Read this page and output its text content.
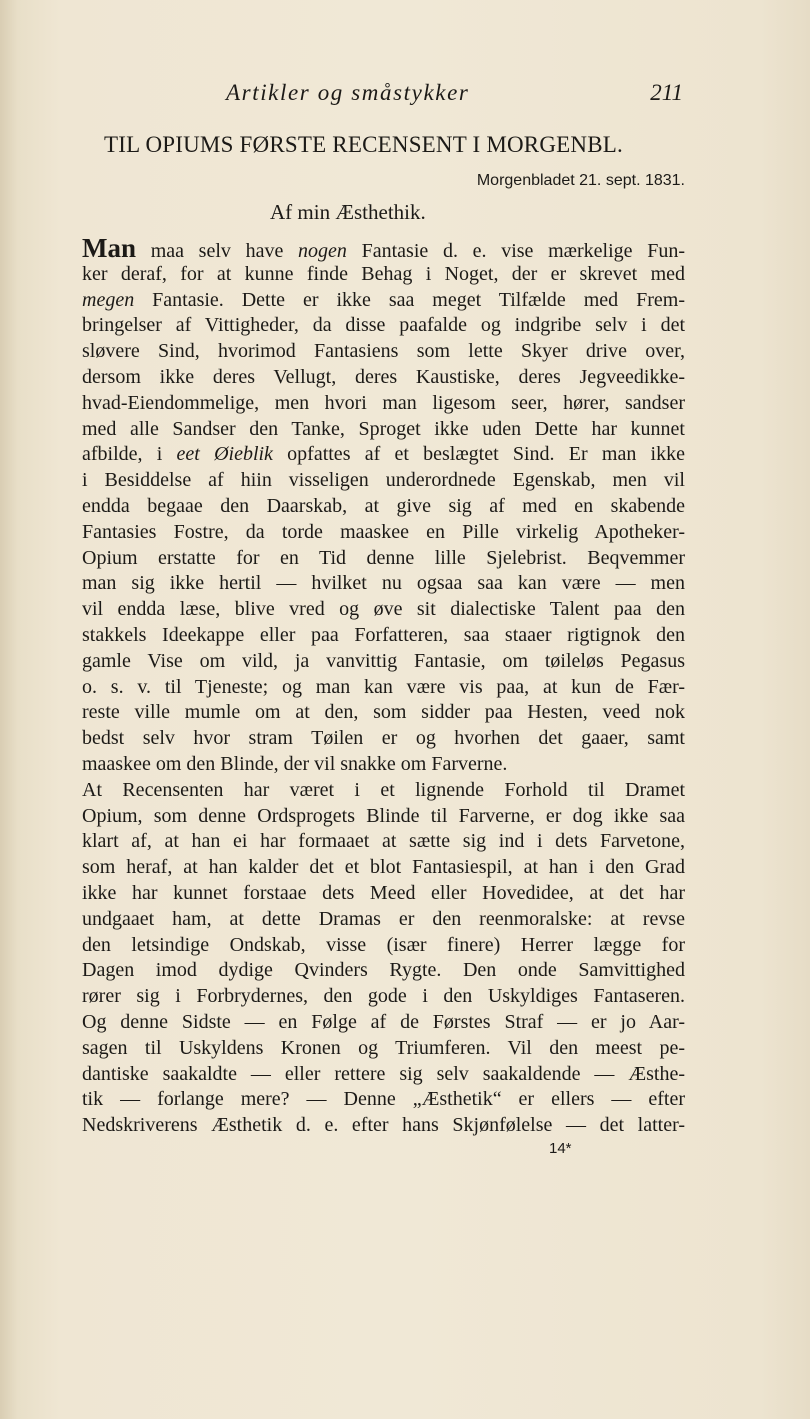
Artikler og småstykker	211
TIL OPIUMS FØRSTE RECENSENT I MORGENBL.
Morgenbladet 21. sept. 1831.
Af min Æsthethik.
Man maa selv have nogen Fantasie d. e. vise mærkelige Fun-
ker deraf, for at kunne finde Behag i Noget, der er skrevet med
megen Fantasie. Dette er ikke saa meget Tilfælde med Frem-
bringelser af Vittigheder, da disse paafalde og indgribe selv i det
sløvere Sind, hvorimod Fantasiens som lette Skyer drive over,
dersom ikke deres Vellugt, deres Kaustiske, deres Jegveedikke-
hvad-Eiendommelige, men hvori man ligesom seer, hører, sandser
med alle Sandser den Tanke, Sproget ikke uden Dette har kunnet
afbilde, i eet Øieblik opfattes af et beslægtet Sind. Er man ikke
i Besiddelse af hiin visseligen underordnede Egenskab, men vil
endda begaae den Daarskab, at give sig af med en skabende
Fantasies Fostre, da torde maaskee en Pille virkelig Apotheker-
Opium erstatte for en Tid denne lille Sjelebrist. Beqvemmer
man sig ikke hertil — hvilket nu ogsaa saa kan være — men
vil endda læse, blive vred og øve sit dialectiske Talent paa den
stakkels Ideekappe eller paa Forfatteren, saa staaer rigtignok den
gamle Vise om vild, ja vanvittig Fantasie, om tøileløs Pegasus
o. s. v. til Tjeneste; og man kan være vis paa, at kun de Fær-
reste ville mumle om at den, som sidder paa Hesten, veed nok
bedst selv hvor stram Tøilen er og hvorhen det gaaer, samt
maaskee om den Blinde, der vil snakke om Farverne.
At Recensenten har været i et lignende Forhold til Dramet
Opium, som denne Ordsprogets Blinde til Farverne, er dog ikke saa
klart af, at han ei har formaaet at sætte sig ind i dets Farvetone,
som heraf, at han kalder det et blot Fantasiespil, at han i den Grad
ikke har kunnet forstaae dets Meed eller Hovedidee, at det har
undgaaet ham, at dette Dramas er den reenmoralske: at revse
den letsindige Ondskab, visse (især finere) Herrer lægge for
Dagen imod dydige Qvinders Rygte. Den onde Samvittighed
rører sig i Forbrydernes, den gode i den Uskyldiges Fantaseren.
Og denne Sidste — en Følge af de Førstes Straf — er jo Aar-
sagen til Uskyldens Kronen og Triumferen. Vil den meest pe-
dantiske saakaldte — eller rettere sig selv saakaldende — Æsthe-
tik — forlange mere? — Denne „Æsthetik“ er ellers — efter
Nedskriverens Æsthetik d. e. efter hans Skjønfølelse — det latter-
14*
